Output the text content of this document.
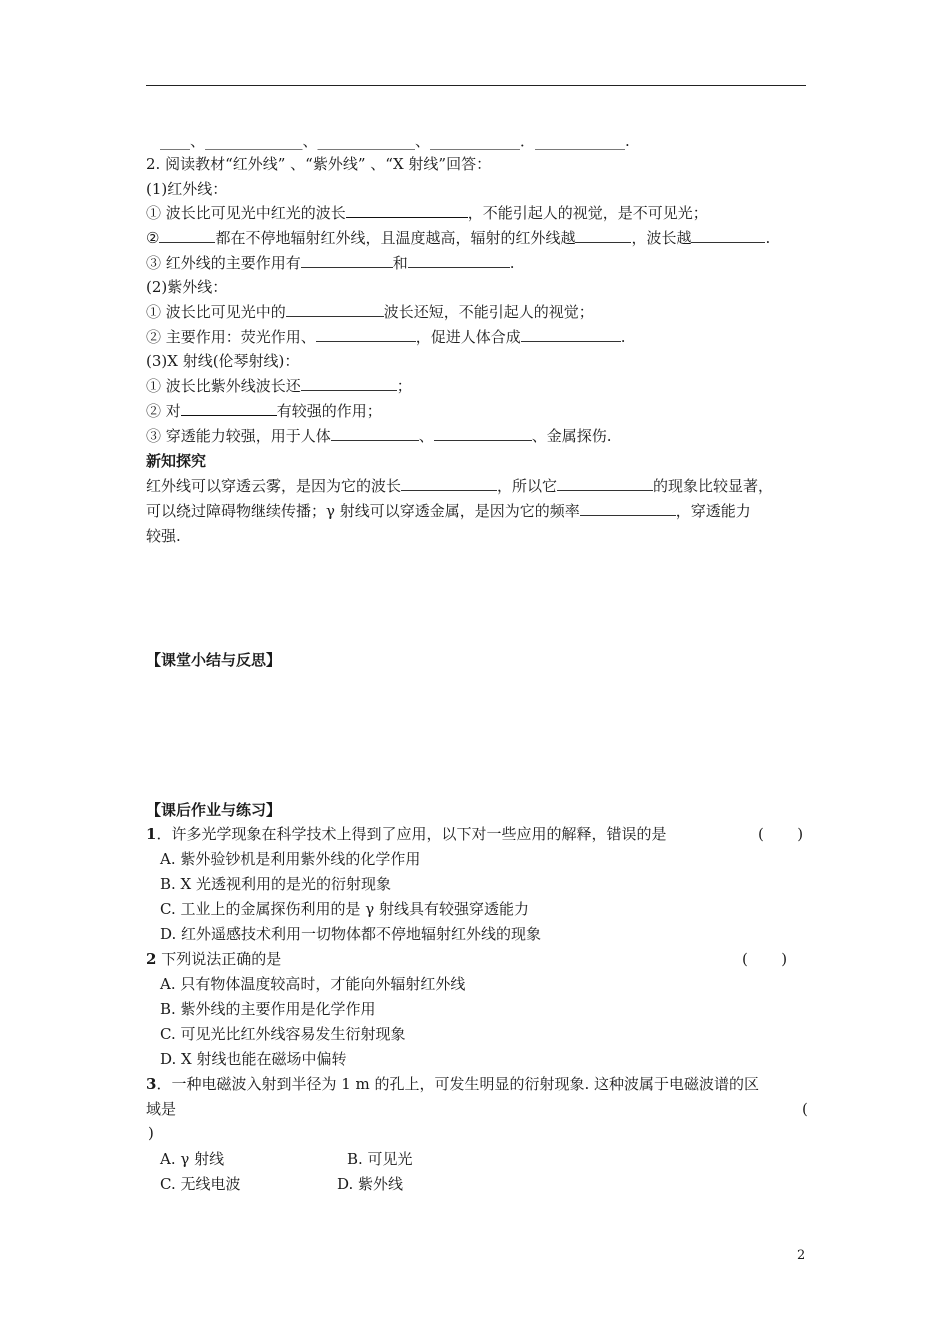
____、_____________、_____________、____________．____________.
2. 阅读教材“红外线” 、“紫外线” 、“X 射线”回答：
(1)红外线：
① 波长比可见光中红光的波长	，不能引起人的视觉，是不可见光；
②	都在不停地辐射红外线，且温度越高，辐射的红外线越	，波长越	.
③ 红外线的主要作用有	和	.
(2)紫外线：
① 波长比可见光中的	波长还短，不能引起人的视觉；
② 主要作用：荧光作用、	，促进人体合成	.
(3)X 射线(伦琴射线)：
① 波长比紫外线波长还	；
② 对	有较强的作用；
③ 穿透能力较强，用于人体	、	、金属探伤.
新知探究
红外线可以穿透云雾，是因为它的波长	，所以它	的现象比较显著，
可以绕过障碍物继续传播；γ 射线可以穿透金属，是因为它的频率	，穿透能力
较强.
【课堂小结与反思】
【课后作业与练习】
1．许多光学现象在科学技术上得到了应用，以下对一些应用的解释，错误的是	(       )
A. 紫外验钞机是利用紫外线的化学作用
B. X 光透视利用的是光的衍射现象
C. 工业上的金属探伤利用的是 γ 射线具有较强穿透能力
D. 红外遥感技术利用一切物体都不停地辐射红外线的现象
2 下列说法正确的是	(       )
A. 只有物体温度较高时，才能向外辐射红外线
B. 紫外线的主要作用是化学作用
C. 可见光比红外线容易发生衍射现象
D. X 射线也能在磁场中偏转
3．一种电磁波入射到半径为 1 m 的孔上，可发生明显的衍射现象. 这种波属于电磁波谱的区
域是	(
)
A. γ 射线	B. 可见光
C. 无线电波	D. 紫外线
2
